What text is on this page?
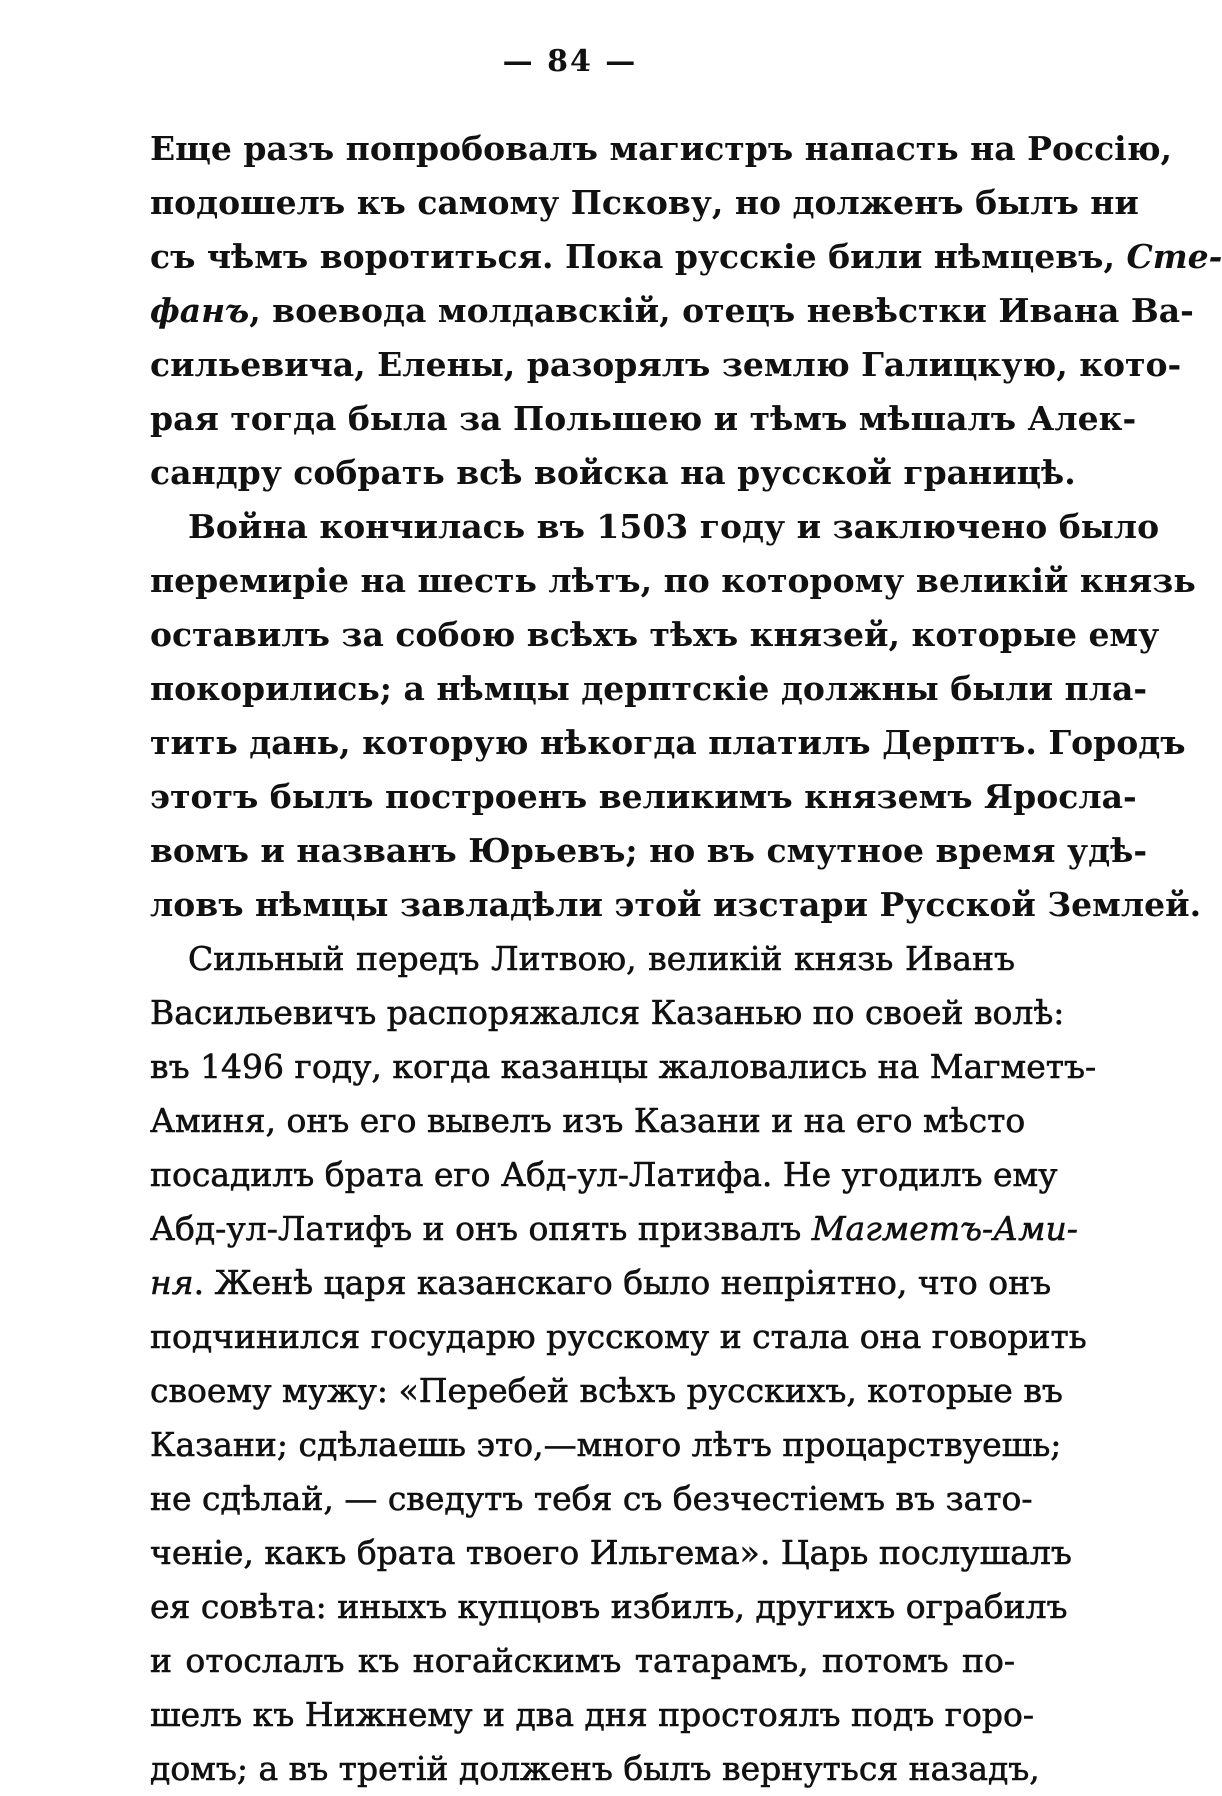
— 84 —
Еще разъ попробовалъ магистръ напасть на Россію,
подошелъ къ самому Пскову, но долженъ былъ ни
съ чѣмъ воротиться. Пока русскіе били нѣмцевъ, Сте-
фанъ, воевода молдавскій, отецъ невѣстки Ивана Ва-
сильевича, Елены, разорялъ землю Галицкую, кото-
рая тогда была за Польшею и тѣмъ мѣшалъ Алек-
сандру собрать всѣ войска на русской границѣ.
Война кончилась въ 1503 году и заключено было
перемиріе на шесть лѣтъ, по которому великій князь
оставилъ за собою всѣхъ тѣхъ князей, которые ему
покорились; а нѣмцы дерптскіе должны были пла-
тить дань, которую нѣкогда платилъ Дерптъ. Городъ
этотъ былъ построенъ великимъ княземъ Яросла-
вомъ и названъ Юрьевъ; но въ смутное время удѣ-
ловъ нѣмцы завладѣли этой изстари Русской Землей.
Сильный передъ Литвою, великій князь Иванъ
Васильевичъ распоряжался Казанью по своей волѣ:
въ 1496 году, когда казанцы жаловались на Магметъ-
Аминя, онъ его вывелъ изъ Казани и на его мѣсто
посадилъ брата его Абд-ул-Латифа. Не угодилъ ему
Абд-ул-Латифъ и онъ опять призвалъ Магметъ-Ами-
ня. Женѣ царя казанскаго было непріятно, что онъ
подчинился государю русскому и стала она говорить
своему мужу: «Перебей всѣхъ русскихъ, которые въ
Казани; сдѣлаешь это,—много лѣтъ процарствуешь;
не сдѣлай, — сведутъ тебя съ безчестіемъ въ зато-
ченіе, какъ брата твоего Ильгема». Царь послушалъ
ея совѣта: иныхъ купцовъ избилъ, другихъ ограбилъ
и отослалъ къ ногайскимъ татарамъ, потомъ по-
шелъ къ Нижнему и два дня простоялъ подъ горо-
домъ; а въ третій долженъ былъ вернуться назадъ,
